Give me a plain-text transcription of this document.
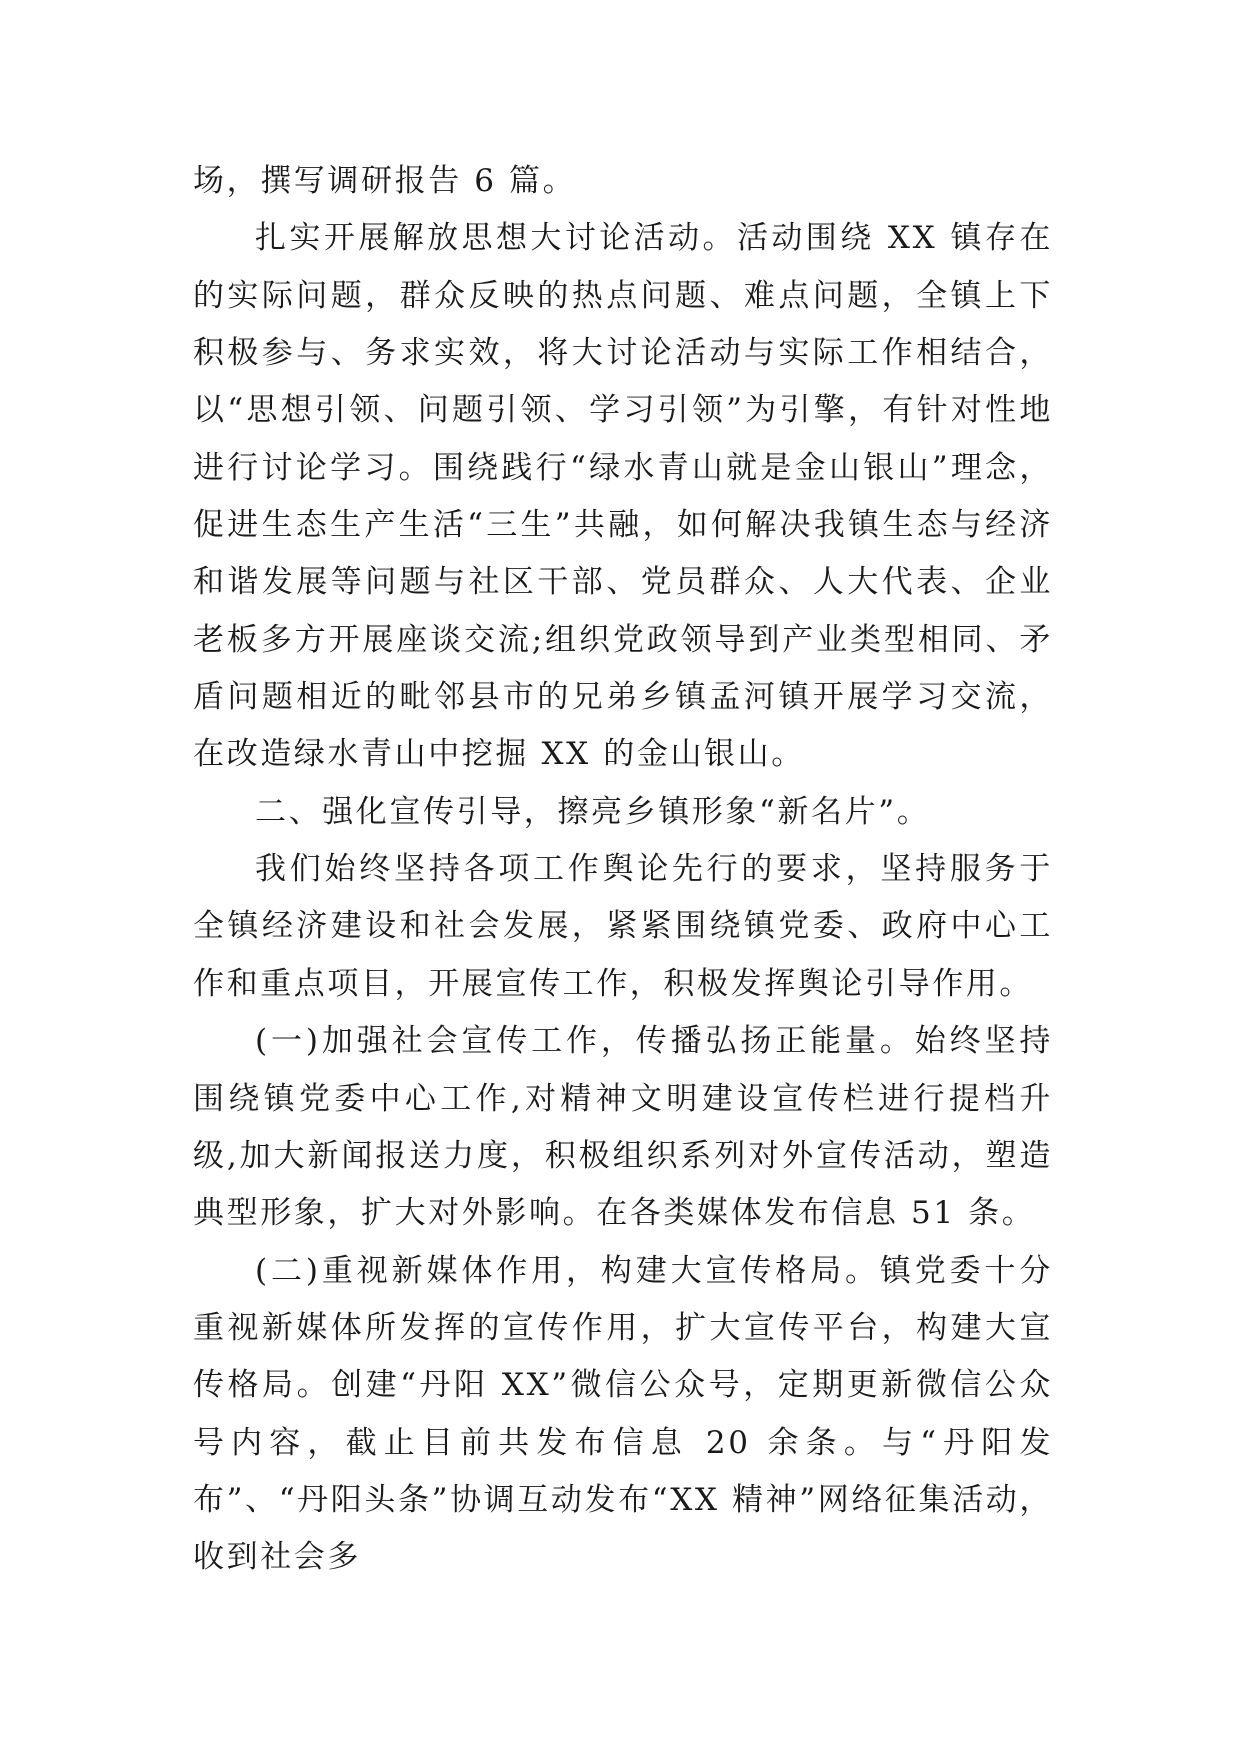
场，撰写调研报告 6 篇。

扎实开展解放思想大讨论活动。活动围绕 XX 镇存在的实际问题，群众反映的热点问题、难点问题，全镇上下积极参与、务求实效，将大讨论活动与实际工作相结合，以“思想引领、问题引领、学习引领”为引擎，有针对性地进行讨论学习。围绕践行“绿水青山就是金山银山”理念，促进生态生产生活“三生”共融，如何解决我镇生态与经济和谐发展等问题与社区干部、党员群众、人大代表、企业老板多方开展座谈交流;组织党政领导到产业类型相同、矛盾问题相近的毗邻县市的兄弟乡镇孟河镇开展学习交流，在改造绿水青山中挖掘 XX 的金山银山。

二、强化宣传引导，擦亮乡镇形象“新名片”。

我们始终坚持各项工作舆论先行的要求，坚持服务于全镇经济建设和社会发展，紧紧围绕镇党委、政府中心工作和重点项目，开展宣传工作，积极发挥舆论引导作用。

(一)加强社会宣传工作，传播弘扬正能量。始终坚持围绕镇党委中心工作,对精神文明建设宣传栏进行提档升级,加大新闻报送力度，积极组织系列对外宣传活动，塑造典型形象，扩大对外影响。在各类媒体发布信息 51 条。

(二)重视新媒体作用，构建大宣传格局。镇党委十分重视新媒体所发挥的宣传作用，扩大宣传平台，构建大宣传格局。创建“丹阳 XX”微信公众号，定期更新微信公众号内容，截止目前共发布信息 20 余条。与“丹阳发布”、“丹阳头条”协调互动发布“XX 精神”网络征集活动，收到社会多
